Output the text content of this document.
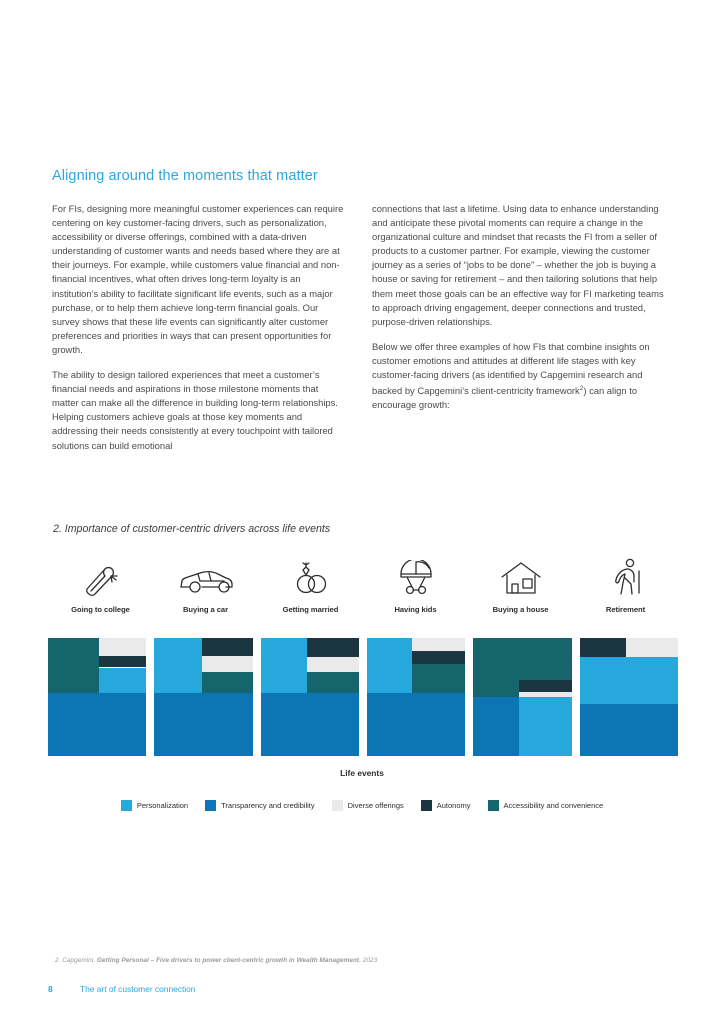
Aligning around the moments that matter

For FIs, designing more meaningful customer experiences can require centering on key customer-facing drivers, such as personalization, accessibility or diverse offerings, combined with a data-driven understanding of customer wants and needs based where they are at their journeys. For example, while customers value financial and non-financial incentives, what often drives long-term loyalty is an institution’s ability to facilitate significant life events, such as a major purchase, or to help them achieve long-term financial goals. Our survey shows that these life events can significantly alter customer preferences and priorities in ways that can present opportunities for growth.

The ability to design tailored experiences that meet a customer’s financial needs and aspirations in those milestone moments that matter can make all the difference in building long-term relationships. Helping customers achieve goals at those key moments and addressing their needs consistently at every touchpoint with tailored solutions can build emotional

connections that last a lifetime. Using data to enhance understanding and anticipate these pivotal moments can require a change in the organizational culture and mindset that recasts the FI from a seller of products to a customer partner. For example, viewing the customer journey as a series of “jobs to be done” – whether the job is buying a house or saving for retirement – and then tailoring solutions that help them meet those goals can be an effective way for FI marketing teams to approach driving engagement, deeper connections and trusted, purpose-driven relationships.

Below we offer three examples of how FIs that combine insights on customer emotions and attitudes at different life stages with key customer-facing drivers (as identified by Capgemini research and backed by Capgemini’s client-centricity framework$^2$) can align to encourage growth:

2. Importance of customer-centric drivers across life events
Going to college	Buying a car	Getting married	Having kids	Buying a house	Retirement
Life events
Personalization	Transparency and credibility	Diverse offerings	Autonomy	Accessibility and convenience
2. Capgemini, Getting Personal – Five drivers to power client-centric growth in Wealth Management, 2023
8	The art of customer connection
